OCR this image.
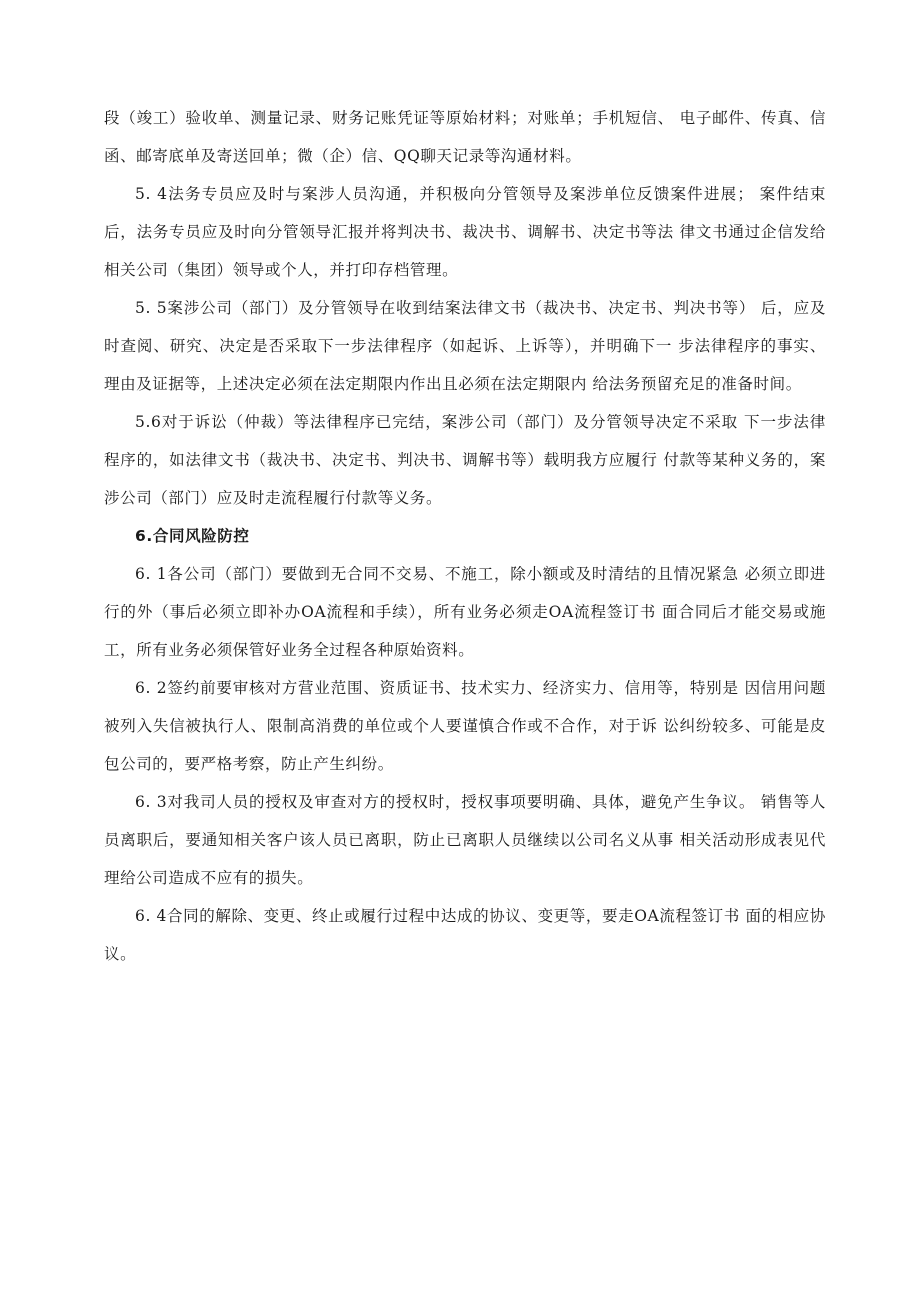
段（竣工）验收单、测量记录、财务记账凭证等原始材料；对账单；手机短信、 电子邮件、传真、信函、邮寄底单及寄送回单；微（企）信、QQ聊天记录等沟通材料。

5. 4法务专员应及时与案涉人员沟通，并积极向分管领导及案涉单位反馈案件进展； 案件结束后，法务专员应及时向分管领导汇报并将判决书、裁决书、调解书、决定书等法 律文书通过企信发给相关公司（集团）领导或个人，并打印存档管理。

5. 5案涉公司（部门）及分管领导在收到结案法律文书（裁决书、决定书、判决书等） 后，应及时查阅、研究、决定是否采取下一步法律程序（如起诉、上诉等），并明确下一 步法律程序的事实、理由及证据等，上述决定必须在法定期限内作出且必须在法定期限内 给法务预留充足的准备时间。

5.6对于诉讼（仲裁）等法律程序已完结，案涉公司（部门）及分管领导决定不采取 下一步法律程序的，如法律文书（裁决书、决定书、判决书、调解书等）载明我方应履行 付款等某种义务的，案涉公司（部门）应及时走流程履行付款等义务。

6.合同风险防控

6. 1各公司（部门）要做到无合同不交易、不施工，除小额或及时清结的且情况紧急 必须立即进行的外（事后必须立即补办OA流程和手续），所有业务必须走OA流程签订书 面合同后才能交易或施工，所有业务必须保管好业务全过程各种原始资料。

6. 2签约前要审核对方营业范围、资质证书、技术实力、经济实力、信用等，特别是 因信用问题被列入失信被执行人、限制高消费的单位或个人要谨慎合作或不合作，对于诉 讼纠纷较多、可能是皮包公司的，要严格考察，防止产生纠纷。

6. 3对我司人员的授权及审查对方的授权时，授权事项要明确、具体，避免产生争议。 销售等人员离职后，要通知相关客户该人员已离职，防止已离职人员继续以公司名义从事 相关活动形成表见代理给公司造成不应有的损失。

6. 4合同的解除、变更、终止或履行过程中达成的协议、变更等，要走OA流程签订书 面的相应协议。
